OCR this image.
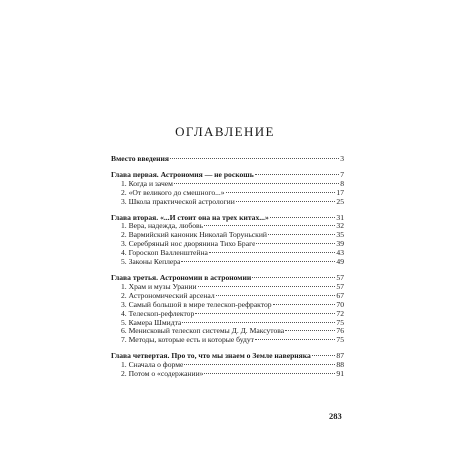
ОГЛАВЛЕНИЕ
Вместо введения	3
Глава первая. Астрономия — не роскошь	7
1. Когда и зачем	8
2. «От великого до смешного...»	17
3. Школа практической астрологии	25
Глава вторая. «...И стоит она на трех китах...»	31
1. Вера, надежда, любовь	32
2. Вармийский каноник Николай Торуньский	35
3. Серебряный нос дворянина Тихо Браге	39
4. Гороскоп Валленштейна	43
5. Законы Кеплера	49
Глава третья. Астрономии в астрономии	57
1. Храм и музы Урании	57
2. Астрономический арсенал	67
3. Самый большой в мире телескоп-рефрактор	70
4. Телескоп-рефлектор	72
5. Камера Шмидта	75
6. Менисковый телескоп системы Д. Д. Максутова	76
7. Методы, которые есть и которые будут	75
Глава четвертая. Про то, что мы знаем о Земле наверняка	87
1. Сначала о форме	88
2. Потом о «содержании»	91
283
